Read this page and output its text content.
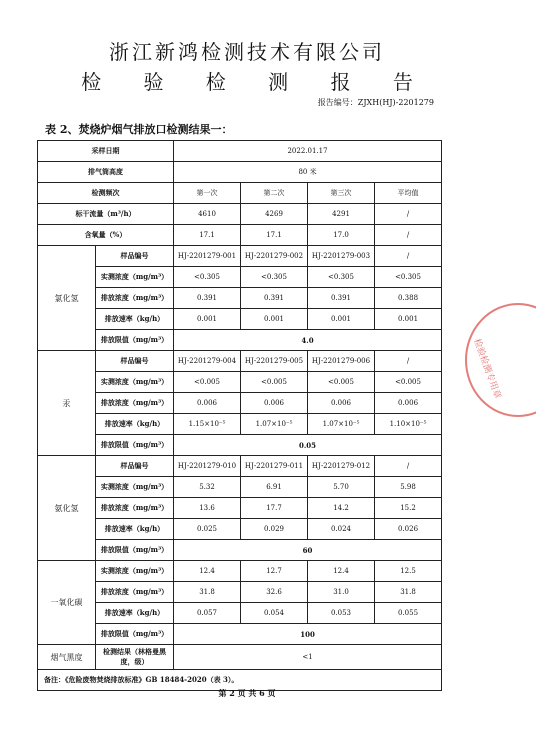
浙江新鸿检测技术有限公司
检 验 检 测 报 告
报告编号：ZJXH(HJ)-2201279
表 2、焚烧炉烟气排放口检测结果一：
采样日期		2022.01.17			
排气筒高度		80 米			
检测频次		第一次	第二次	第三次	平均值
标干流量（m³/h）		4610	4269	4291	/
含氧量（%）		17.1	17.1	17.0	/
氯化氢	样品编号	HJ-2201279-001	HJ-2201279-002	HJ-2201279-003	/
	实测浓度（mg/m³）	<0.305	<0.305	<0.305	<0.305
	排放浓度（mg/m³）	0.391	0.391	0.391	0.388
	排放速率（kg/h）	0.001	0.001	0.001	0.001
	排放限值（mg/m³）	4.0			
汞	样品编号	HJ-2201279-004	HJ-2201279-005	HJ-2201279-006	/
	实测浓度（mg/m³）	<0.005	<0.005	<0.005	<0.005
	排放浓度（mg/m³）	0.006	0.006	0.006	0.006
	排放速率（kg/h）	1.15×10⁻⁵	1.07×10⁻⁵	1.07×10⁻⁵	1.10×10⁻⁵
	排放限值（mg/m³）	0.05			
氨化氢	样品编号	HJ-2201279-010	HJ-2201279-011	HJ-2201279-012	/
	实测浓度（mg/m³）	5.32	6.91	5.70	5.98
	排放浓度（mg/m³）	13.6	17.7	14.2	15.2
	排放速率（kg/h）	0.025	0.029	0.024	0.026
	排放限值（mg/m³）	60			
一氧化碳	实测浓度（mg/m³）	12.4	12.7	12.4	12.5
	排放浓度（mg/m³）	31.8	32.6	31.0	31.8
	排放速率（kg/h）	0.057	0.054	0.053	0.055
	排放限值（mg/m³）	100			
烟气黑度	检测结果（林格曼黑度，级）	<1			
备注：《危险废物焚烧排放标准》GB 18484-2020（表 3）。					
第 2 页 共 6 页
检验检测专用章
